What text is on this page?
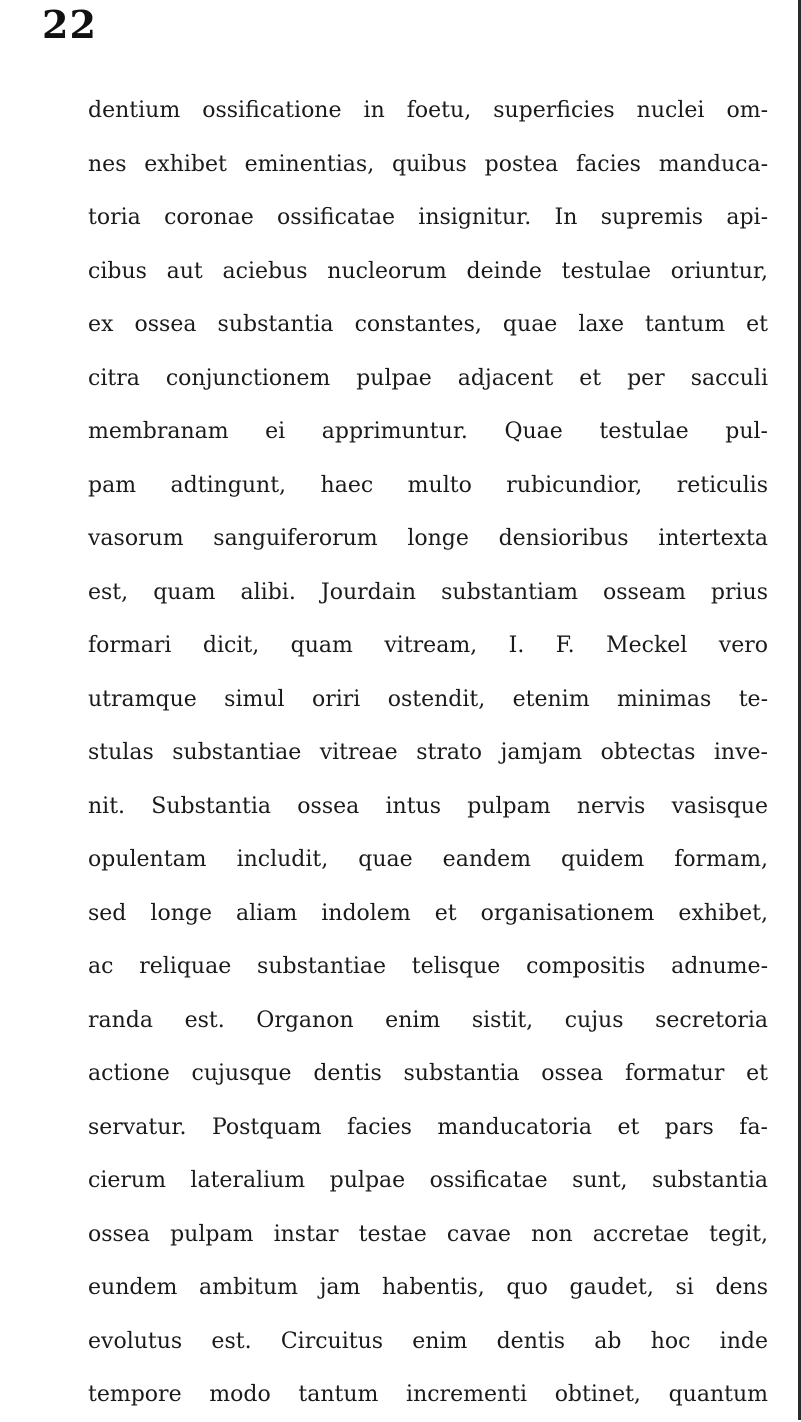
22
dentium ossificatione in foetu, superficies nuclei om-
nes exhibet eminentias, quibus postea facies manduca-
toria coronae ossificatae insignitur. In supremis api-
cibus aut aciebus nucleorum deinde testulae oriuntur,
ex ossea substantia constantes, quae laxe tantum et
citra conjunctionem pulpae adjacent et per sacculi
membranam ei apprimuntur. Quae testulae pul-
pam adtingunt, haec multo rubicundior, reticulis
vasorum sanguiferorum longe densioribus intertexta
est, quam alibi. Jourdain substantiam osseam prius
formari dicit, quam vitream, I. F. Meckel vero
utramque simul oriri ostendit, etenim minimas te-
stulas substantiae vitreae strato jamjam obtectas inve-
nit. Substantia ossea intus pulpam nervis vasisque
opulentam includit, quae eandem quidem formam,
sed longe aliam indolem et organisationem exhibet,
ac reliquae substantiae telisque compositis adnume-
randa est. Organon enim sistit, cujus secretoria
actione cujusque dentis substantia ossea formatur et
servatur. Postquam facies manducatoria et pars fa-
cierum lateralium pulpae ossificatae sunt, substantia
ossea pulpam instar testae cavae non accretae tegit,
eundem ambitum jam habentis, quo gaudet, si dens
evolutus est. Circuitus enim dentis ab hoc inde
tempore modo tantum incrementi obtinet, quantum
